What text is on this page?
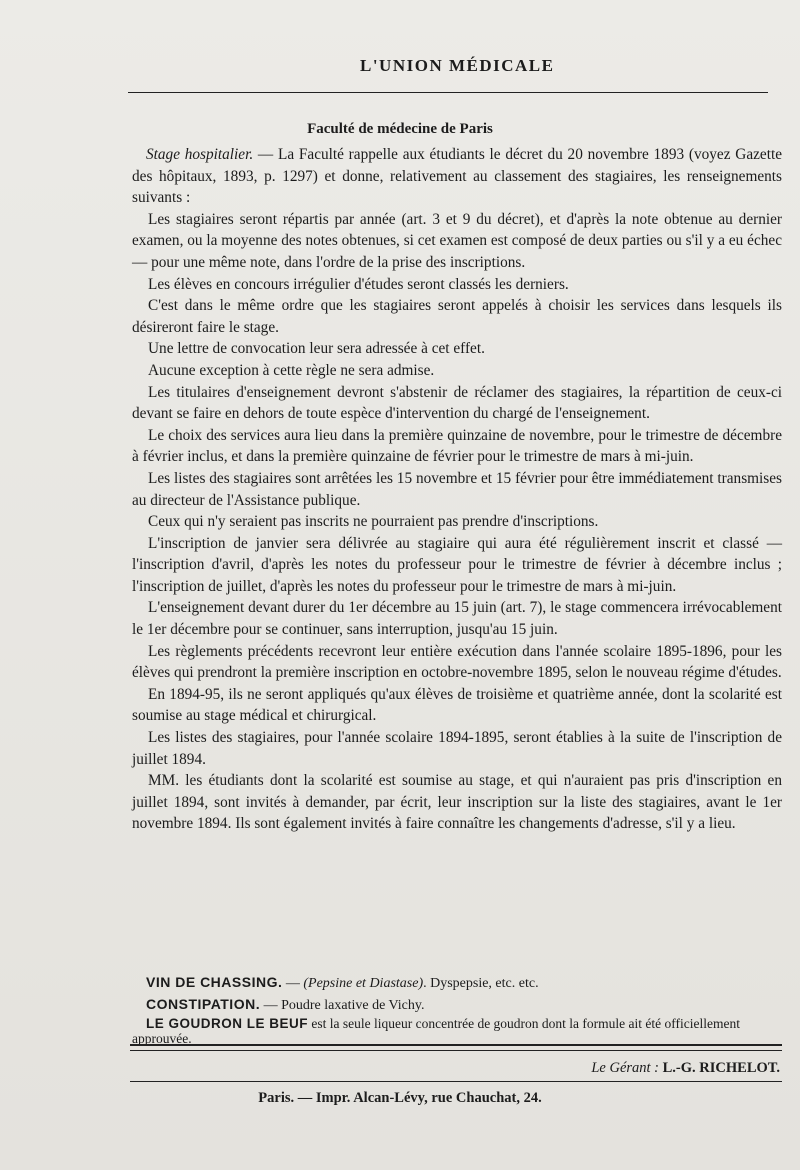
L'UNION MÉDICALE
Faculté de médecine de Paris

Stage hospitalier. — La Faculté rappelle aux étudiants le décret du 20 novembre 1893 (voyez Gazette des hôpitaux, 1893, p. 1297) et donne, relativement au classement des stagiaires, les renseignements suivants :

Les stagiaires seront répartis par année (art. 3 et 9 du décret), et d'après la note obtenue au dernier examen, ou la moyenne des notes obtenues, si cet examen est composé de deux parties ou s'il y a eu échec — pour une même note, dans l'ordre de la prise des inscriptions.

Les élèves en concours irrégulier d'études seront classés les derniers.

C'est dans le même ordre que les stagiaires seront appelés à choisir les services dans lesquels ils désireront faire le stage.

Une lettre de convocation leur sera adressée à cet effet.

Aucune exception à cette règle ne sera admise.

Les titulaires d'enseignement devront s'abstenir de réclamer des stagiaires, la répartition de ceux-ci devant se faire en dehors de toute espèce d'intervention du chargé de l'enseignement.

Le choix des services aura lieu dans la première quinzaine de novembre, pour le trimestre de décembre à février inclus, et dans la première quinzaine de février pour le trimestre de mars à mi-juin.

Les listes des stagiaires sont arrêtées les 15 novembre et 15 février pour être immédiatement transmises au directeur de l'Assistance publique.

Ceux qui n'y seraient pas inscrits ne pourraient pas prendre d'inscriptions.

L'inscription de janvier sera délivrée au stagiaire qui aura été régulièrement inscrit et classé — l'inscription d'avril, d'après les notes du professeur pour le trimestre de février à décembre inclus ; l'inscription de juillet, d'après les notes du professeur pour le trimestre de mars à mi-juin.

L'enseignement devant durer du 1er décembre au 15 juin (art. 7), le stage commencera irrévocablement le 1er décembre pour se continuer, sans interruption, jusqu'au 15 juin.

Les règlements précédents recevront leur entière exécution dans l'année scolaire 1895-1896, pour les élèves qui prendront la première inscription en octobre-novembre 1895, selon le nouveau régime d'études.

En 1894-95, ils ne seront appliqués qu'aux élèves de troisième et quatrième année, dont la scolarité est soumise au stage médical et chirurgical.

Les listes des stagiaires, pour l'année scolaire 1894-1895, seront établies à la suite de l'inscription de juillet 1894.

MM. les étudiants dont la scolarité est soumise au stage, et qui n'auraient pas pris d'inscription en juillet 1894, sont invités à demander, par écrit, leur inscription sur la liste des stagiaires, avant le 1er novembre 1894. Ils sont également invités à faire connaître les changements d'adresse, s'il y a lieu.

VIN DE CHASSING. — (Pepsine et Diastase). Dyspepsie, etc. etc.

CONSTIPATION. — Poudre laxative de Vichy.

LE GOUDRON LE BEUF est la seule liqueur concentrée de goudron dont la formule ait été officiellement approuvée.

Le Gérant : L.-G. RICHELOT.
Paris. — Impr. Alcan-Lévy, rue Chauchat, 24.
